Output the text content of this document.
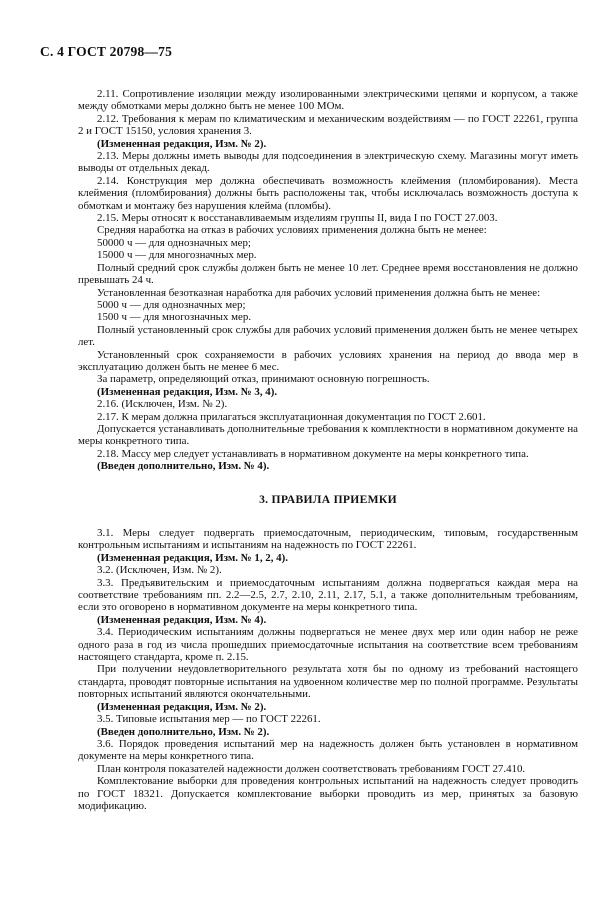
С. 4 ГОСТ 20798—75

2.11. Сопротивление изоляции между изолированными электрическими цепями и корпусом, а также между обмотками меры должно быть не менее 100 МОм.

2.12. Требования к мерам по климатическим и механическим воздействиям — по ГОСТ 22261, группа 2 и ГОСТ 15150, условия хранения 3.

(Измененная редакция, Изм. № 2).

2.13. Меры должны иметь выводы для подсоединения в электрическую схему. Магазины могут иметь выводы от отдельных декад.

2.14. Конструкция мер должна обеспечивать возможность клеймения (пломбирования). Места клеймения (пломбирования) должны быть расположены так, чтобы исключалась возможность доступа к обмоткам и монтажу без нарушения клейма (пломбы).

2.15. Меры относят к восстанавливаемым изделиям группы II, вида I по ГОСТ 27.003.

Средняя наработка на отказ в рабочих условиях применения должна быть не менее:

50000 ч — для однозначных мер;

15000 ч — для многозначных мер.

Полный средний срок службы должен быть не менее 10 лет. Среднее время восстановления не должно превышать 24 ч.

Установленная безотказная наработка для рабочих условий применения должна быть не менее:

5000 ч — для однозначных мер;

1500 ч — для многозначных мер.

Полный установленный срок службы для рабочих условий применения должен быть не менее четырех лет.

Установленный срок сохраняемости в рабочих условиях хранения на период до ввода мер в эксплуатацию должен быть не менее 6 мес.

За параметр, определяющий отказ, принимают основную погрешность.

(Измененная редакция, Изм. № 3, 4).

2.16. (Исключен, Изм. № 2).

2.17. К мерам должна прилагаться эксплуатационная документация по ГОСТ 2.601.

Допускается устанавливать дополнительные требования к комплектности в нормативном документе на меры конкретного типа.

2.18. Массу мер следует устанавливать в нормативном документе на меры конкретного типа.

(Введен дополнительно, Изм. № 4).

3. ПРАВИЛА ПРИЕМКИ

3.1. Меры следует подвергать приемосдаточным, периодическим, типовым, государственным контрольным испытаниям и испытаниям на надежность по ГОСТ 22261.

(Измененная редакция, Изм. № 1, 2, 4).

3.2. (Исключен, Изм. № 2).

3.3. Предъявительским и приемосдаточным испытаниям должна подвергаться каждая мера на соответствие требованиям пп. 2.2—2.5, 2.7, 2.10, 2.11, 2.17, 5.1, а также дополнительным требованиям, если это оговорено в нормативном документе на меры конкретного типа.

(Измененная редакция, Изм. № 4).

3.4. Периодическим испытаниям должны подвергаться не менее двух мер или один набор не реже одного раза в год из числа прошедших приемосдаточные испытания на соответствие всем требованиям настоящего стандарта, кроме п. 2.15.

При получении неудовлетворительного результата хотя бы по одному из требований настоящего стандарта, проводят повторные испытания на удвоенном количестве мер по полной программе. Результаты повторных испытаний являются окончательными.

(Измененная редакция, Изм. № 2).

3.5. Типовые испытания мер — по ГОСТ 22261.

(Введен дополнительно, Изм. № 2).

3.6. Порядок проведения испытаний мер на надежность должен быть установлен в нормативном документе на меры конкретного типа.

План контроля показателей надежности должен соответствовать требованиям ГОСТ 27.410.

Комплектование выборки для проведения контрольных испытаний на надежность следует проводить по ГОСТ 18321. Допускается комплектование выборки проводить из мер, принятых за базовую модификацию.
